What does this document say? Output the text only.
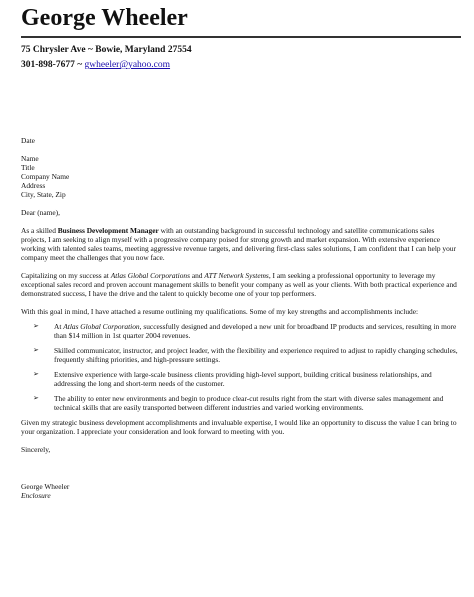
George Wheeler
75 Chrysler Ave ~ Bowie, Maryland 27554
301-898-7677 ~ gwheeler@yahoo.com

Date

Name

Title

Company Name

Address

City, State, Zip

Dear (name),

As a skilled Business Development Manager with an outstanding background in successful technology and satellite communications sales projects, I am seeking to align myself with a progressive company poised for strong growth and market expansion. With extensive experience working with talented sales teams, meeting aggressive revenue targets, and delivering first-class sales solutions, I am confident that I can help your company meet the challenges that you now face.

Capitalizing on my success at Atlas Global Corporations and ATT Network Systems, I am seeking a professional opportunity to leverage my exceptional sales record and proven account management skills to benefit your company as well as your clients. With both practical experience and demonstrated success, I have the drive and the talent to quickly become one of your top performers.

With this goal in mind, I have attached a resume outlining my qualifications. Some of my key strengths and accomplishments include:

➢ At Atlas Global Corporation, successfully designed and developed a new unit for broadband IP products and services, resulting in more than $14 million in 1st quarter 2004 revenues.
➢ Skilled communicator, instructor, and project leader, with the flexibility and experience required to adjust to rapidly changing schedules, frequently shifting priorities, and high-pressure settings.
➢ Extensive experience with large-scale business clients providing high-level support, building critical business relationships, and addressing the long and short-term needs of the customer.
➢ The ability to enter new environments and begin to produce clear-cut results right from the start with diverse sales management and technical skills that are easily transported between different industries and varied working environments.

Given my strategic business development accomplishments and invaluable expertise, I would like an opportunity to discuss the value I can bring to your organization. I appreciate your consideration and look forward to meeting with you.

Sincerely,

George Wheeler

Enclosure
